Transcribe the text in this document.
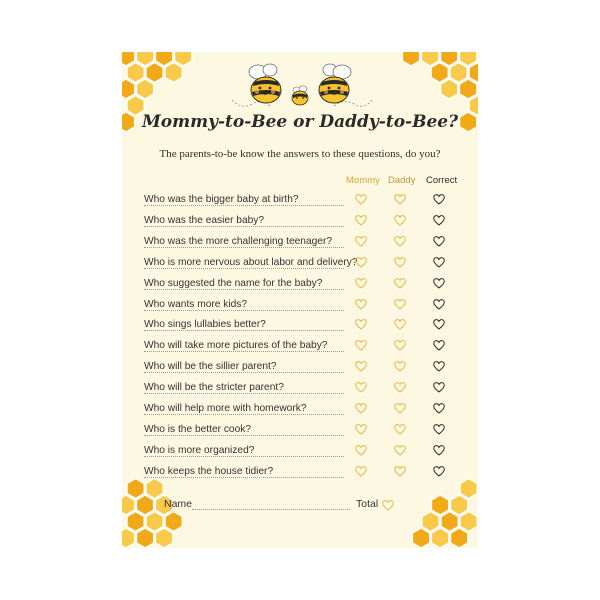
Mommy-to-Bee or Daddy-to-Bee?
The parents-to-be know the answers to these questions, do you?
Mommy Daddy Correct
Who was the bigger baby at birth?
Who was the easier baby?
Who was the more challenging teenager?
Who is more nervous about labor and delivery?
Who suggested the name for the baby?
Who wants more kids?
Who sings lullabies better?
Who will take more pictures of the baby?
Who will be the sillier parent?
Who will be the stricter parent?
Who will help more with homework?
Who is the better cook?
Who is more organized?
Who keeps the house tidier?
Name	Total
